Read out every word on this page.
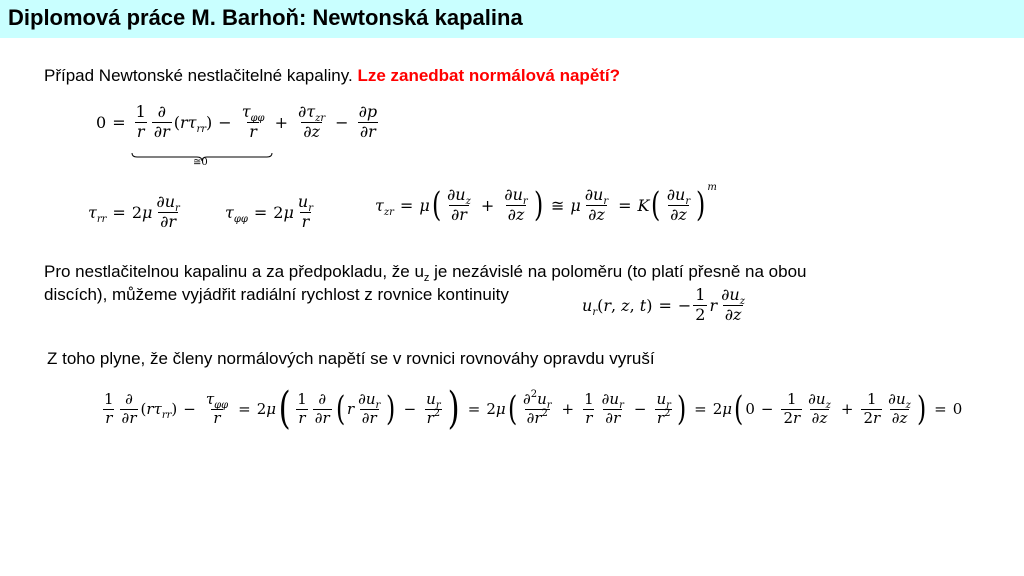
Diplomová práce M. Barhoň: Newtonská kapalina
Případ Newtonské nestlačitelné kapaliny. Lze zanedbat normálová napětí?
$0 = \frac{1}{r} \frac{\partial}{\partial r} (r\tau_{rr}) - \frac{\tau_{\varphi\varphi}}{r} + \frac{\partial\tau_{zr}}{\partial z} - \frac{\partial p}{\partial r}$
≅0
$\tau_{rr} = 2\mu \frac{\partial u_r}{\partial r}$	$\tau_{\varphi\varphi} = 2\mu \frac{u_r}{r}$	$\tau_{zr} = \mu$ ( $\frac{\partial u_z}{\partial r} + \frac{\partial u_r}{\partial z}$ ) ≅ μ $\frac{\partial u_r}{\partial z} = K$ ( $\frac{\partial u_r}{\partial z}$ ) m
Pro nestlačitelnou kapalinu a za předpokladu, že $u_z$ je nezávislé na poloměru (to platí přesně na obou
discích), můžeme vyjádřit radiální rychlost z rovnice kontinuity
$u_r(r$, z, t) = − $\frac{1}{2}$ r $\frac{\partial u_z}{\partial z}$
Z toho plyne, že členy normálových napětí se v rovnici rovnováhy opravdu vyruší
$\frac{1}{r} \frac{\partial}{\partial r} (r\tau_{rr}) - \frac{\tau_{\varphi\varphi}}{r} = 2\mu$ ( $\frac{1}{r} \frac{\partial}{\partial r}$ ( r $\frac{\partial u_r}{\partial r}$ ) − $\frac{u_r}{r^2}$ ) = 2μ ( $\frac{\partial^2u_r}{\partial r^2} + \frac{1}{r} \frac{\partial u_r}{\partial r} - \frac{u_r}{r^2}$ ) = 2μ ( $0 - \frac{1}{2r} \frac{\partial u_z}{\partial z} + \frac{1}{2r} \frac{\partial u_z}{\partial z}$ ) = 0
